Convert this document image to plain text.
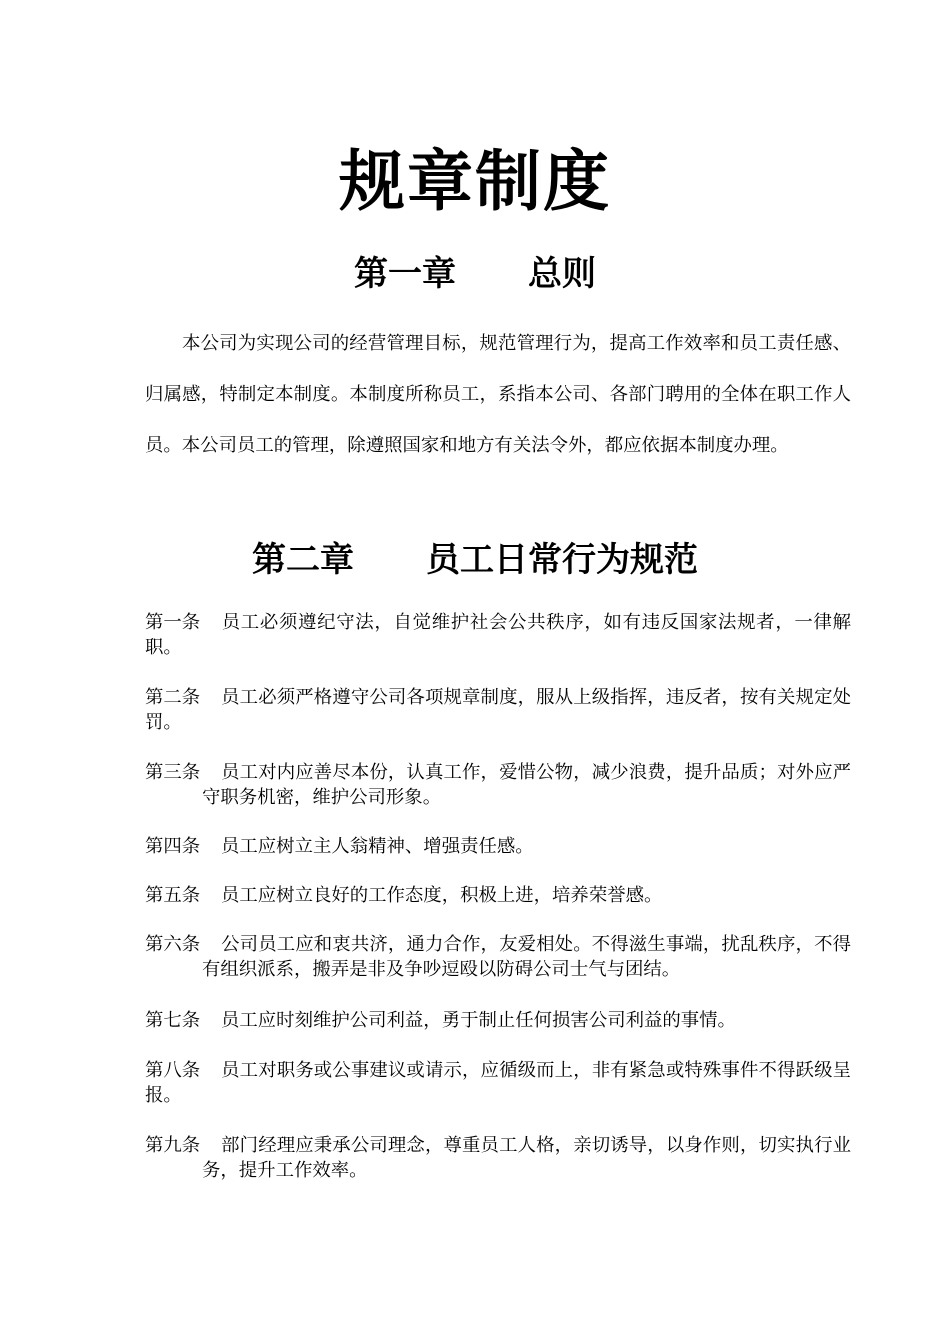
规章制度
第一章 总则
本公司为实现公司的经营管理目标，规范管理行为，提高工作效率和员工责任感、归属感，特制定本制度。本制度所称员工，系指本公司、各部门聘用的全体在职工作人员。本公司员工的管理，除遵照国家和地方有关法令外，都应依据本制度办理。
第二章 员工日常行为规范
第一条 员工必须遵纪守法，自觉维护社会公共秩序，如有违反国家法规者，一律解职。
第二条 员工必须严格遵守公司各项规章制度，服从上级指挥，违反者，按有关规定处罚。
第三条 员工对内应善尽本份，认真工作，爱惜公物，减少浪费，提升品质；对外应严守职务机密，维护公司形象。
第四条 员工应树立主人翁精神、增强责任感。
第五条 员工应树立良好的工作态度，积极上进，培养荣誉感。
第六条 公司员工应和衷共济，通力合作，友爱相处。不得滋生事端，扰乱秩序，不得有组织派系，搬弄是非及争吵逗殴以防碍公司士气与团结。
第七条 员工应时刻维护公司利益，勇于制止任何损害公司利益的事情。
第八条 员工对职务或公事建议或请示，应循级而上，非有紧急或特殊事件不得跃级呈报。
第九条 部门经理应秉承公司理念，尊重员工人格，亲切诱导，以身作则，切实执行业务，提升工作效率。
